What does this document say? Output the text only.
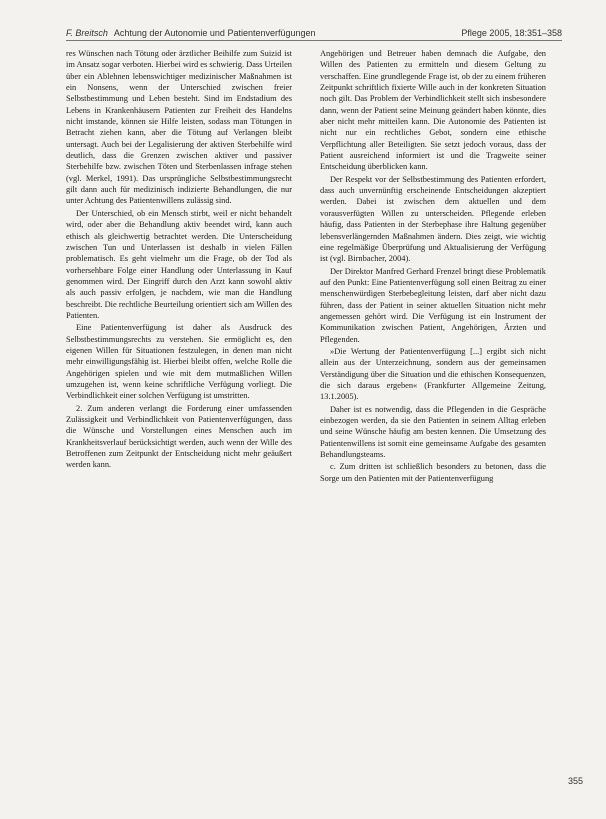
F. Breitsch Achtung der Autonomie und Patientenverfügungen	Pflege 2005, 18:351–358

res Wünschen nach Tötung oder ärztlicher Beihilfe zum Suizid ist im Ansatz sogar verboten. Hierbei wird es schwierig. Dass Urteilen über ein Ablehnen lebenswichtiger medizinischer Maßnahmen ist ein Nonsens, wenn der Unterschied zwischen freier Selbstbestimmung und Leben besteht. Sind im Endstadium des Lebens in Krankenhäusern Patienten zur Freiheit des Handelns nicht imstande, können sie Hilfe leisten, sodass man Tötungen in Betracht ziehen kann, aber die Tötung auf Verlangen bleibt untersagt. Auch bei der Legalisierung der aktiven Sterbehilfe wird deutlich, dass die Grenzen zwischen aktiver und passiver Sterbehilfe bzw. zwischen Töten und Sterbenlassen infrage stehen (vgl. Merkel, 1991). Das ursprüngliche Selbstbestimmungsrecht gilt dann auch für medizinisch indizierte Behandlungen, die nur unter Achtung des Patientenwillens zulässig sind.

Der Unterschied, ob ein Mensch stirbt, weil er nicht behandelt wird, oder aber die Behandlung aktiv beendet wird, kann auch ethisch als gleichwertig betrachtet werden. Die Unterscheidung zwischen Tun und Unterlassen ist deshalb in vielen Fällen problematisch. Es geht vielmehr um die Frage, ob der Tod als vorhersehbare Folge einer Handlung oder Unterlassung in Kauf genommen wird. Der Eingriff durch den Arzt kann sowohl aktiv als auch passiv erfolgen, je nachdem, wie man die Handlung beschreibt. Die rechtliche Beurteilung orientiert sich am Willen des Patienten.

Eine Patientenverfügung ist daher als Ausdruck des Selbstbestimmungsrechts zu verstehen. Sie ermöglicht es, den eigenen Willen für Situationen festzulegen, in denen man nicht mehr einwilligungsfähig ist. Hierbei bleibt offen, welche Rolle die Angehörigen spielen und wie mit dem mutmaßlichen Willen umzugehen ist, wenn keine schriftliche Verfügung vorliegt. Die Verbindlichkeit einer solchen Verfügung ist umstritten.

2. Zum anderen verlangt die Forderung einer umfassenden Zulässigkeit und Verbindlichkeit von Patientenverfügungen, dass die Wünsche und Vorstellungen eines Menschen auch im Krankheitsverlauf berücksichtigt werden, auch wenn der Wille des Betroffenen zum Zeitpunkt der Entscheidung nicht mehr geäußert werden kann.

Angehörigen und Betreuer haben demnach die Aufgabe, den Willen des Patienten zu ermitteln und diesem Geltung zu verschaffen. Eine grundlegende Frage ist, ob der zu einem früheren Zeitpunkt schriftlich fixierte Wille auch in der konkreten Situation noch gilt. Das Problem der Verbindlichkeit stellt sich insbesondere dann, wenn der Patient seine Meinung geändert haben könnte, dies aber nicht mehr mitteilen kann. Die Autonomie des Patienten ist nicht nur ein rechtliches Gebot, sondern eine ethische Verpflichtung aller Beteiligten. Sie setzt jedoch voraus, dass der Patient ausreichend informiert ist und die Tragweite seiner Entscheidung überblicken kann.

Der Respekt vor der Selbstbestimmung des Patienten erfordert, dass auch unvernünftig erscheinende Entscheidungen akzeptiert werden. Dabei ist zwischen dem aktuellen und dem vorausverfügten Willen zu unterscheiden. Pflegende erleben häufig, dass Patienten in der Sterbephase ihre Haltung gegenüber lebensverlängernden Maßnahmen ändern. Dies zeigt, wie wichtig eine regelmäßige Überprüfung und Aktualisierung der Verfügung ist (vgl. Birnbacher, 2004).

Der Direktor Manfred Gerhard Frenzel bringt diese Problematik auf den Punkt: Eine Patientenverfügung soll einen Beitrag zu einer menschenwürdigen Sterbebegleitung leisten, darf aber nicht dazu führen, dass der Patient in seiner aktuellen Situation nicht mehr angemessen gehört wird. Die Verfügung ist ein Instrument der Kommunikation zwischen Patient, Angehörigen, Ärzten und Pflegenden.

»Die Wertung der Patientenverfügung [...] ergibt sich nicht allein aus der Unterzeichnung, sondern aus der gemeinsamen Verständigung über die Situation und die ethischen Konsequenzen, die sich daraus ergeben« (Frankfurter Allgemeine Zeitung, 13.1.2005).

Daher ist es notwendig, dass die Pflegenden in die Gespräche einbezogen werden, da sie den Patienten in seinem Alltag erleben und seine Wünsche häufig am besten kennen. Die Umsetzung des Patientenwillens ist somit eine gemeinsame Aufgabe des gesamten Behandlungsteams.

c. Zum dritten ist schließlich besonders zu betonen, dass die Sorge um den Patienten mit der Patientenverfügung

355
